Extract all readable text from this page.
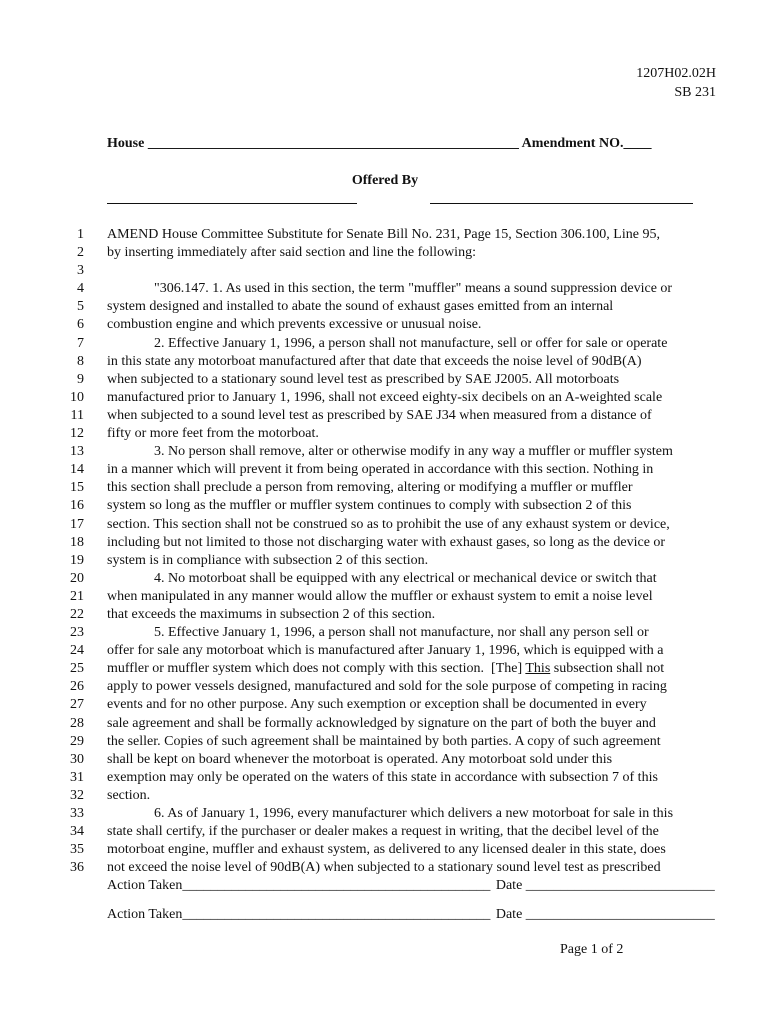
1207H02.02H
SB 231
House _____________________________________________________ Amendment NO.____
Offered By
1 AMEND House Committee Substitute for Senate Bill No. 231, Page 15, Section 306.100, Line 95,
2 by inserting immediately after said section and line the following:
3
4	"306.147. 1. As used in this section, the term "muffler" means a sound suppression device or
5 system designed and installed to abate the sound of exhaust gases emitted from an internal
6 combustion engine and which prevents excessive or unusual noise.
7	2. Effective January 1, 1996, a person shall not manufacture, sell or offer for sale or operate
8 in this state any motorboat manufactured after that date that exceeds the noise level of 90dB(A)
9 when subjected to a stationary sound level test as prescribed by SAE J2005. All motorboats
10 manufactured prior to January 1, 1996, shall not exceed eighty-six decibels on an A-weighted scale
11 when subjected to a sound level test as prescribed by SAE J34 when measured from a distance of
12 fifty or more feet from the motorboat.
13	3. No person shall remove, alter or otherwise modify in any way a muffler or muffler system
14 in a manner which will prevent it from being operated in accordance with this section. Nothing in
15 this section shall preclude a person from removing, altering or modifying a muffler or muffler
16 system so long as the muffler or muffler system continues to comply with subsection 2 of this
17 section. This section shall not be construed so as to prohibit the use of any exhaust system or device,
18 including but not limited to those not discharging water with exhaust gases, so long as the device or
19 system is in compliance with subsection 2 of this section.
20	4. No motorboat shall be equipped with any electrical or mechanical device or switch that
21 when manipulated in any manner would allow the muffler or exhaust system to emit a noise level
22 that exceeds the maximums in subsection 2 of this section.
23	5. Effective January 1, 1996, a person shall not manufacture, nor shall any person sell or
24 offer for sale any motorboat which is manufactured after January 1, 1996, which is equipped with a
25 muffler or muffler system which does not comply with this section.  [The] This subsection shall not
26 apply to power vessels designed, manufactured and sold for the sole purpose of competing in racing
27 events and for no other purpose. Any such exemption or exception shall be documented in every
28 sale agreement and shall be formally acknowledged by signature on the part of both the buyer and
29 the seller. Copies of such agreement shall be maintained by both parties. A copy of such agreement
30 shall be kept on board whenever the motorboat is operated. Any motorboat sold under this
31 exemption may only be operated on the waters of this state in accordance with subsection 7 of this
32 section.
33	6. As of January 1, 1996, every manufacturer which delivers a new motorboat for sale in this
34 state shall certify, if the purchaser or dealer makes a request in writing, that the decibel level of the
35 motorboat engine, muffler and exhaust system, as delivered to any licensed dealer in this state, does
36 not exceed the noise level of 90dB(A) when subjected to a stationary sound level test as prescribed
Action Taken____________________________________________ Date ___________________________
Action Taken____________________________________________ Date ___________________________
Page 1 of 2
